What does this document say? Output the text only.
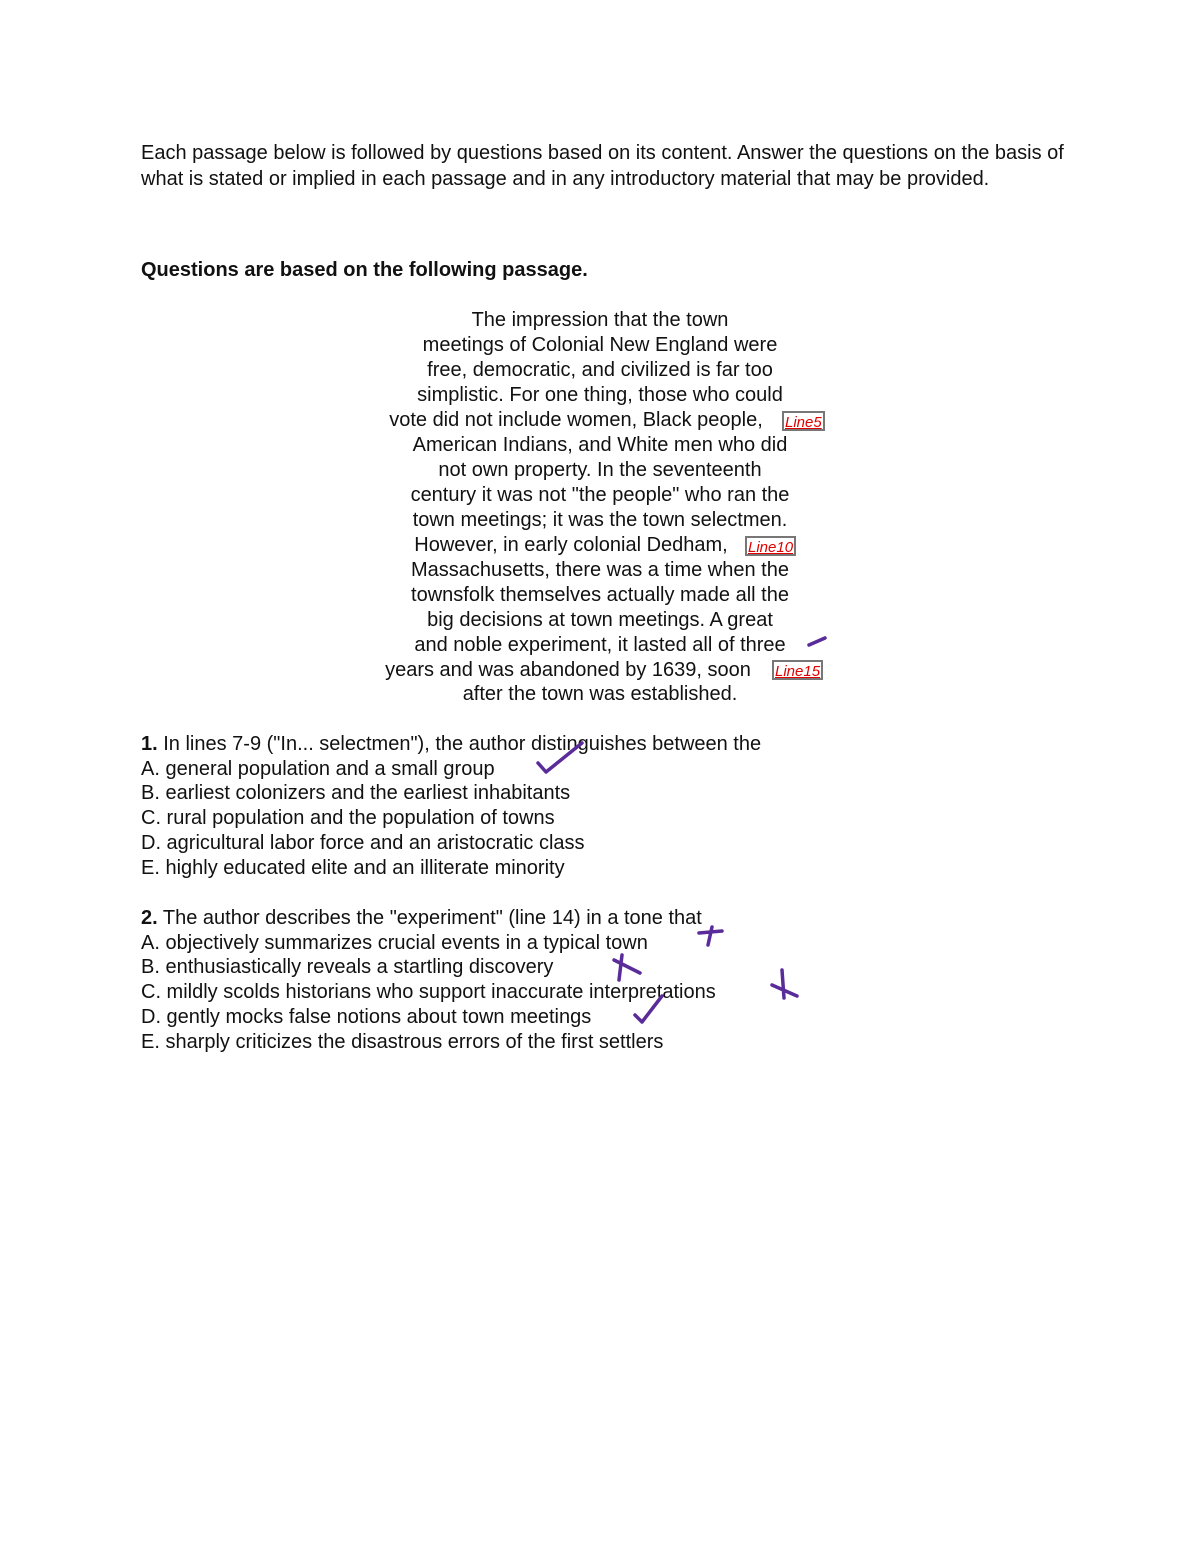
Each passage below is followed by questions based on its content. Answer the questions on the basis of what is stated or implied in each passage and in any introductory material that may be provided.
Questions are based on the following passage.
The impression that the town
meetings of Colonial New England were
free, democratic, and civilized is far too
simplistic. For one thing, those who could
vote did not include women, Black people,
American Indians, and White men who did
not own property. In the seventeenth
century it was not "the people" who ran the
town meetings; it was the town selectmen.
However, in early colonial Dedham,
Massachusetts, there was a time when the
townsfolk themselves actually made all the
big decisions at town meetings. A great
and noble experiment, it lasted all of three
years and was abandoned by 1639, soon
after the town was established.
Line5
Line10
Line15
1. In lines 7-9 ("In... selectmen"), the author distinguishes between the
A. general population and a small group
B. earliest colonizers and the earliest inhabitants
C. rural population and the population of towns
D. agricultural labor force and an aristocratic class
E. highly educated elite and an illiterate minority
2. The author describes the "experiment" (line 14) in a tone that
A. objectively summarizes crucial events in a typical town
B. enthusiastically reveals a startling discovery
C. mildly scolds historians who support inaccurate interpretations
D. gently mocks false notions about town meetings
E. sharply criticizes the disastrous errors of the first settlers
